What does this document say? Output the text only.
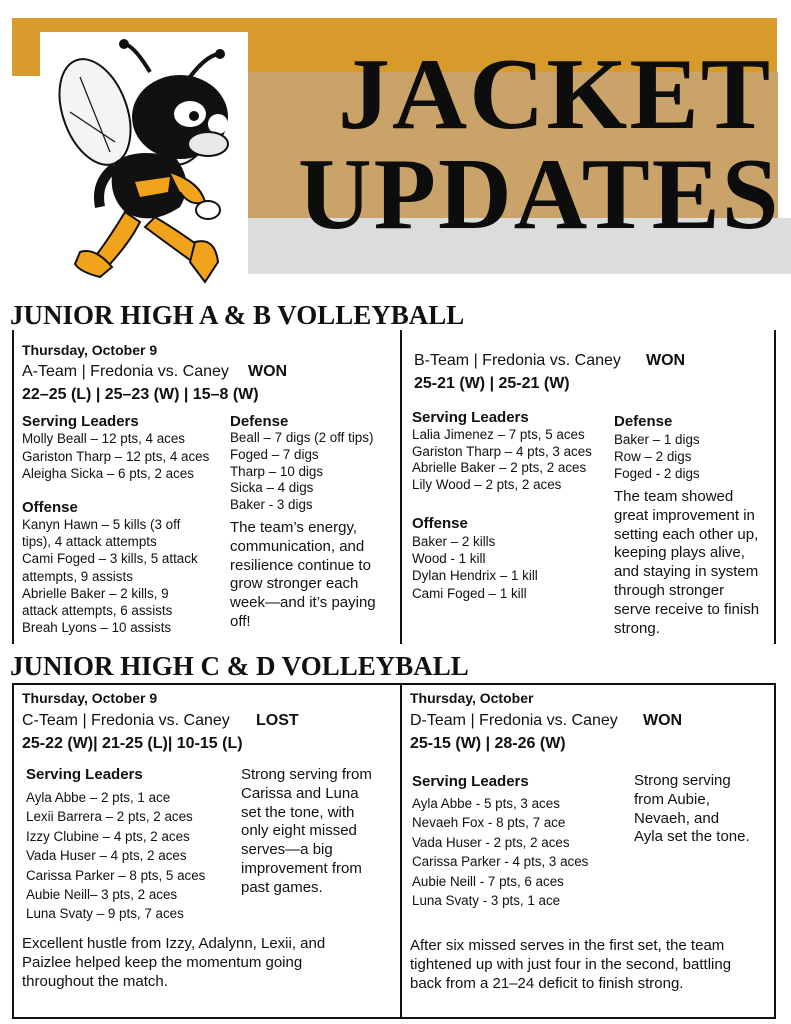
JACKET
UPDATES
JUNIOR HIGH A & B VOLLEYBALL
Thursday, October 9
A-Team | Fredonia vs. Caney WON
22–25 (L) | 25–23 (W) | 15–8 (W)
Serving Leaders
Molly Beall – 12 pts, 4 aces
Gariston Tharp – 12 pts, 4 aces
Aleigha Sicka – 6 pts, 2 aces
Defense
Beall – 7 digs (2 off tips)
Foged – 7 digs
Tharp – 10 digs
Sicka – 4 digs
Baker - 3 digs
Offense
Kanyn Hawn – 5 kills (3 off
tips), 4 attack attempts
Cami Foged – 3 kills, 5 attack
attempts, 9 assists
Abrielle Baker – 2 kills, 9
attack attempts, 6 assists
Breah Lyons – 10 assists
The team’s energy,
communication, and
resilience continue to
grow stronger each
week—and it’s paying
off!
B-Team | Fredonia vs. Caney WON
25-21 (W) | 25-21 (W)
Serving Leaders
Lalia Jimenez – 7 pts, 5 aces
Gariston Tharp – 4 pts, 3 aces
Abrielle Baker – 2 pts, 2 aces
Lily Wood – 2 pts, 2 aces
Defense
Baker – 1 digs
Row – 2 digs
Foged - 2 digs
Offense
Baker – 2 kills
Wood - 1 kill
Dylan Hendrix – 1 kill
Cami Foged – 1 kill
The team showed
great improvement in
setting each other up,
keeping plays alive,
and staying in system
through stronger
serve receive to finish
strong.
JUNIOR HIGH C & D VOLLEYBALL
Thursday, October 9
C-Team | Fredonia vs. Caney LOST
25-22 (W)| 21-25 (L)| 10-15 (L)
Serving Leaders
Ayla Abbe – 2 pts, 1 ace
Lexii Barrera – 2 pts, 2 aces
Izzy Clubine – 4 pts, 2 aces
Vada Huser – 4 pts, 2 aces
Carissa Parker – 8 pts, 5 aces
Aubie Neill– 3 pts, 2 aces
Luna Svaty – 9 pts, 7 aces
Strong serving from
Carissa and Luna
set the tone, with
only eight missed
serves—a big
improvement from
past games.
Excellent hustle from Izzy, Adalynn, Lexii, and
Paizlee helped keep the momentum going
throughout the match.
Thursday, October
D-Team | Fredonia vs. Caney WON
25-15 (W) | 28-26 (W)
Serving Leaders
Ayla Abbe - 5 pts, 3 aces
Nevaeh Fox - 8 pts, 7 ace
Vada Huser - 2 pts, 2 aces
Carissa Parker - 4 pts, 3 aces
Aubie Neill - 7 pts, 6 aces
Luna Svaty - 3 pts, 1 ace
Strong serving
from Aubie,
Nevaeh, and
Ayla set the tone.
After six missed serves in the first set, the team
tightened up with just four in the second, battling
back from a 21–24 deficit to finish strong.
